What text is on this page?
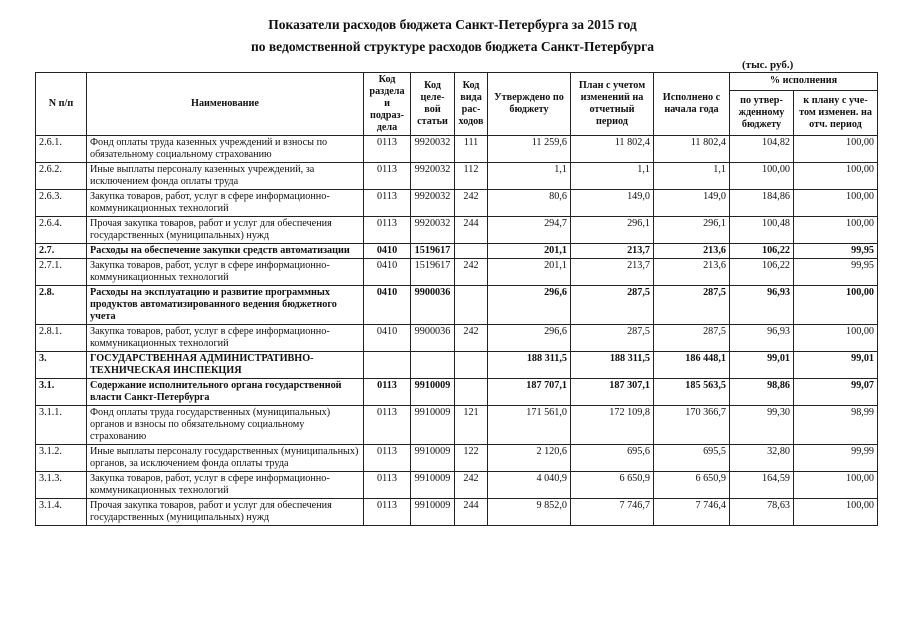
Показатели расходов бюджета Санкт-Петербурга за 2015 год
по ведомственной структуре расходов бюджета Санкт-Петербурга
(тыс. руб.)
N п/п	Наименование	Код раздела и подраз-дела	Код целе-вой статьи	Код вида рас-ходов	Утверждено по бюджету	План с учетом изменений на отчетный период	Исполнено с начала года	% исполнения	
								по утвер-жденному бюджету	к плану с уче-том изменен. на отч. период
2.6.1.	Фонд оплаты труда казенных учреждений и взносы по обязательному социальному страхованию	0113	9920032	111	11 259,6	11 802,4	11 802,4	104,82	100,00
2.6.2.	Иные выплаты персоналу казенных учреждений, за исключением фонда оплаты труда	0113	9920032	112	1,1	1,1	1,1	100,00	100,00
2.6.3.	Закупка товаров, работ, услуг в сфере информационно-коммуникационных технологий	0113	9920032	242	80,6	149,0	149,0	184,86	100,00
2.6.4.	Прочая закупка товаров, работ и услуг для обеспечения государственных (муниципальных) нужд	0113	9920032	244	294,7	296,1	296,1	100,48	100,00
2.7.	Расходы на обеспечение закупки средств автоматизации	0410	1519617		201,1	213,7	213,6	106,22	99,95
2.7.1.	Закупка товаров, работ, услуг в сфере информационно-коммуникационных технологий	0410	1519617	242	201,1	213,7	213,6	106,22	99,95
2.8.	Расходы на эксплуатацию и развитие программных продуктов автоматизированного ведения бюджетного учета	0410	9900036		296,6	287,5	287,5	96,93	100,00
2.8.1.	Закупка товаров, работ, услуг в сфере информационно-коммуникационных технологий	0410	9900036	242	296,6	287,5	287,5	96,93	100,00
3.	ГОСУДАРСТВЕННАЯ АДМИНИСТРАТИВНО-ТЕХНИЧЕСКАЯ ИНСПЕКЦИЯ				188 311,5	188 311,5	186 448,1	99,01	99,01
3.1.	Содержание исполнительного органа государственной власти Санкт-Петербурга	0113	9910009		187 707,1	187 307,1	185 563,5	98,86	99,07
3.1.1.	Фонд оплаты труда государственных (муниципальных) органов и взносы по обязательному социальному страхованию	0113	9910009	121	171 561,0	172 109,8	170 366,7	99,30	98,99
3.1.2.	Иные выплаты персоналу государственных (муниципальных) органов, за исключением фонда оплаты труда	0113	9910009	122	2 120,6	695,6	695,5	32,80	99,99
3.1.3.	Закупка товаров, работ, услуг в сфере информационно-коммуникационных технологий	0113	9910009	242	4 040,9	6 650,9	6 650,9	164,59	100,00
3.1.4.	Прочая закупка товаров, работ и услуг для обеспечения государственных (муниципальных) нужд	0113	9910009	244	9 852,0	7 746,7	7 746,4	78,63	100,00
